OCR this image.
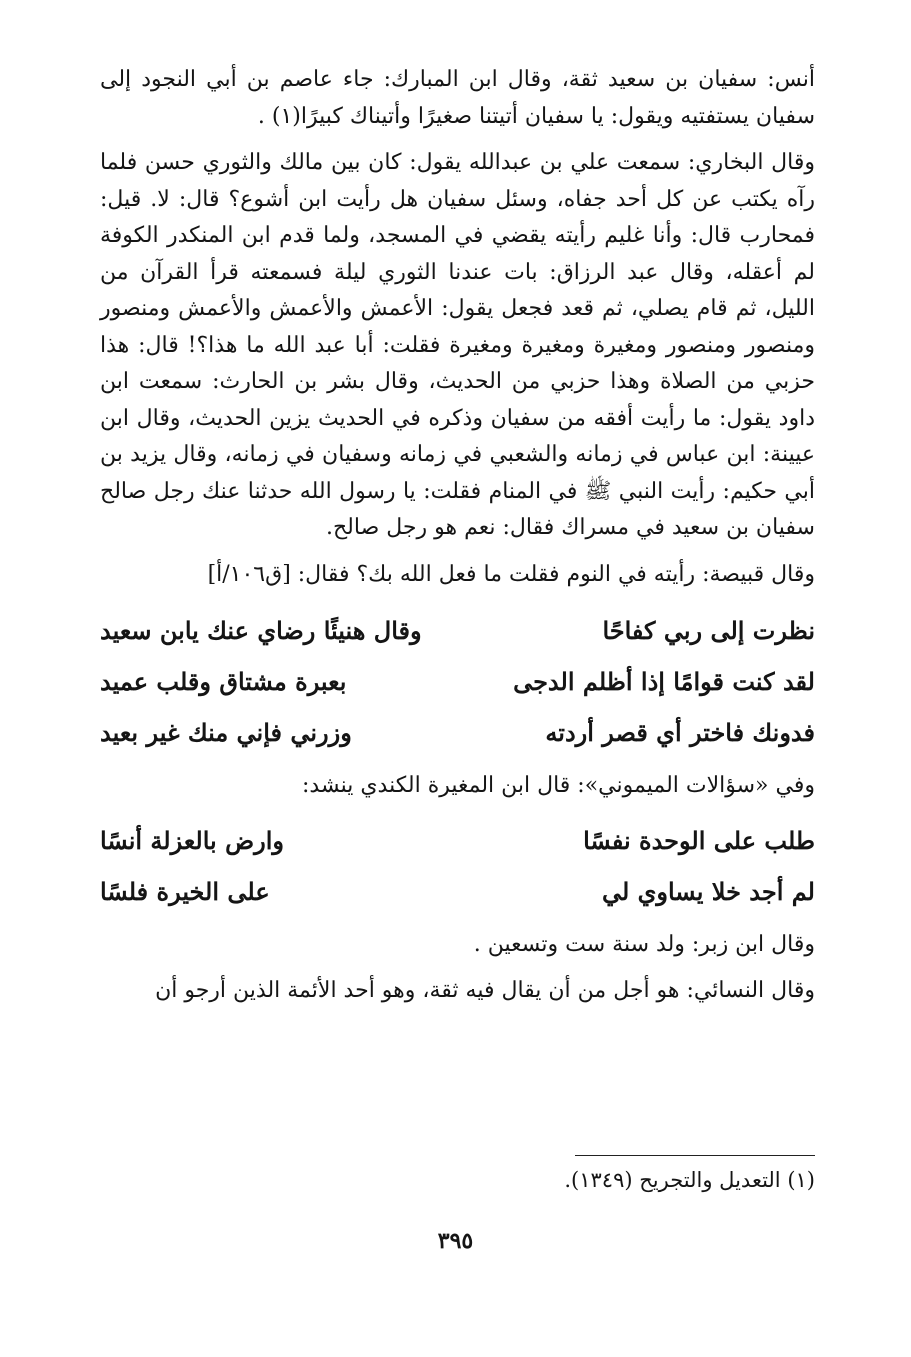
أنس: سفيان بن سعيد ثقة، وقال ابن المبارك: جاء عاصم بن أبي النجود إلى سفيان يستفتيه ويقول: يا سفيان أتيتنا صغيرًا وأتيناك كبيرًا(١) .

وقال البخاري: سمعت علي بن عبدالله يقول: كان بين مالك والثوري حسن فلما رآه يكتب عن كل أحد جفاه، وسئل سفيان هل رأيت ابن أشوع؟ قال: لا. قيل: فمحارب قال: وأنا غليم رأيته يقضي في المسجد، ولما قدم ابن المنكدر الكوفة لم أعقله، وقال عبد الرزاق: بات عندنا الثوري ليلة فسمعته قرأ القرآن من الليل، ثم قام يصلي، ثم قعد فجعل يقول: الأعمش والأعمش والأعمش ومنصور ومنصور ومنصور ومغيرة ومغيرة ومغيرة فقلت: أبا عبد الله ما هذا؟! قال: هذا حزبي من الصلاة وهذا حزبي من الحديث، وقال بشر بن الحارث: سمعت ابن داود يقول: ما رأيت أفقه من سفيان وذكره في الحديث يزين الحديث، وقال ابن عيينة: ابن عباس في زمانه والشعبي في زمانه وسفيان في زمانه، وقال يزيد بن أبي حكيم: رأيت النبي ﷺ في المنام فقلت: يا رسول الله حدثنا عنك رجل صالح سفيان بن سعيد في مسراك فقال: نعم هو رجل صالح.

وقال قبيصة: رأيته في النوم فقلت ما فعل الله بك؟ فقال: [ق١٠٦/أ]

نظرت إلى ربي كفاحًا
وقال هنيئًا رضاي عنك يابن سعيد
لقد كنت قوامًا إذا أظلم الدجى
بعبرة مشتاق وقلب عميد
فدونك فاختر أي قصر أردته
وزرني فإني منك غير بعيد

وفي «سؤالات الميموني»: قال ابن المغيرة الكندي ينشد:

طلب على الوحدة نفسًا
وارض بالعزلة أنسًا
لم أجد خلا يساوي لي
على الخيرة فلسًا

وقال ابن زبر: ولد سنة ست وتسعين .

وقال النسائي: هو أجل من أن يقال فيه ثقة، وهو أحد الأئمة الذين أرجو أن

(١) التعديل والتجريح (١٣٤٩).

٣٩٥
